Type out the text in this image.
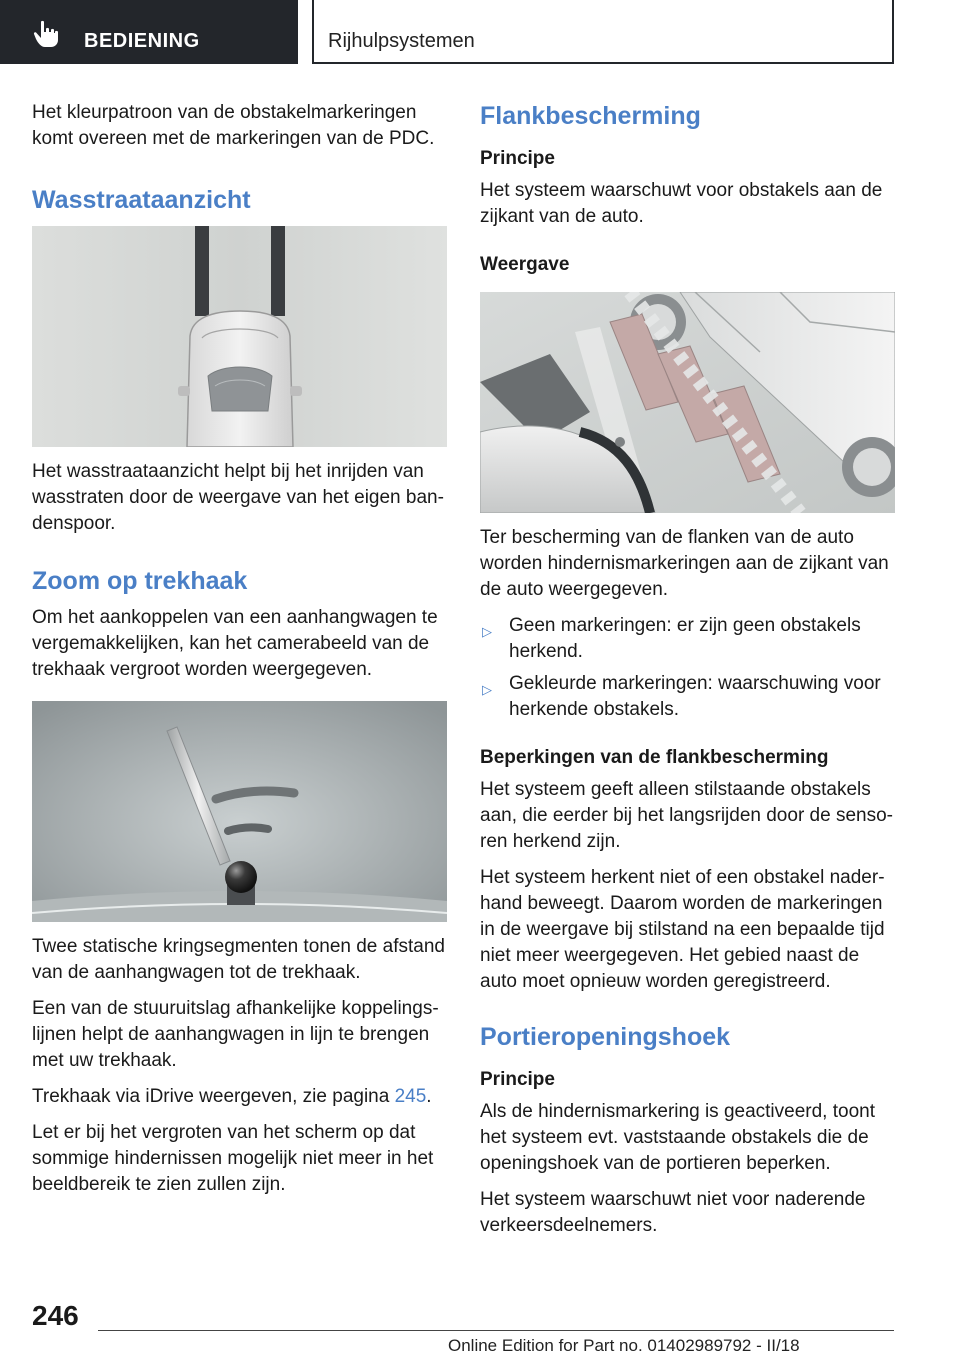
BEDIENING	Rijhulpsystemen

Het kleurpatroon van de obstakelmarkeringen komt overeen met de markeringen van de PDC.

Wasstraataanzicht

Het wasstraataanzicht helpt bij het inrijden van wasstraten door de weergave van het eigen bandenspoor.

Zoom op trekhaak

Om het aankoppelen van een aanhangwagen te vergemakkelijken, kan het camerabeeld van de trekhaak vergroot worden weergegeven.

Twee statische kringsegmenten tonen de afstand van de aanhangwagen tot de trekhaak.

Een van de stuuruitslag afhankelijke koppelingslijnen helpt de aanhangwagen in lijn te brengen met uw trekhaak.

Trekhaak via iDrive weergeven, zie pagina 245.

Let er bij het vergroten van het scherm op dat sommige hindernissen mogelijk niet meer in het beeldbereik te zien zullen zijn.

Flankbescherming
Principe

Het systeem waarschuwt voor obstakels aan de zijkant van de auto.

Weergave

Ter bescherming van de flanken van de auto worden hindernismarkeringen aan de zijkant van de auto weergegeven.

▷ Geen markeringen: er zijn geen obstakels herkend.
▷ Gekleurde markeringen: waarschuwing voor herkende obstakels.
Beperkingen van de flankbescherming

Het systeem geeft alleen stilstaande obstakels aan, die eerder bij het langsrijden door de sensoren herkend zijn.

Het systeem herkent niet of een obstakel naderhand beweegt. Daarom worden de markeringen in de weergave bij stilstand na een bepaalde tijd niet meer weergegeven. Het gebied naast de auto moet opnieuw worden geregistreerd.

Portieropeningshoek
Principe

Als de hindernismarkering is geactiveerd, toont het systeem evt. vaststaande obstakels die de openingshoek van de portieren beperken.

Het systeem waarschuwt niet voor naderende verkeersdeelnemers.

246
Online Edition for Part no. 01402989792 - II/18
